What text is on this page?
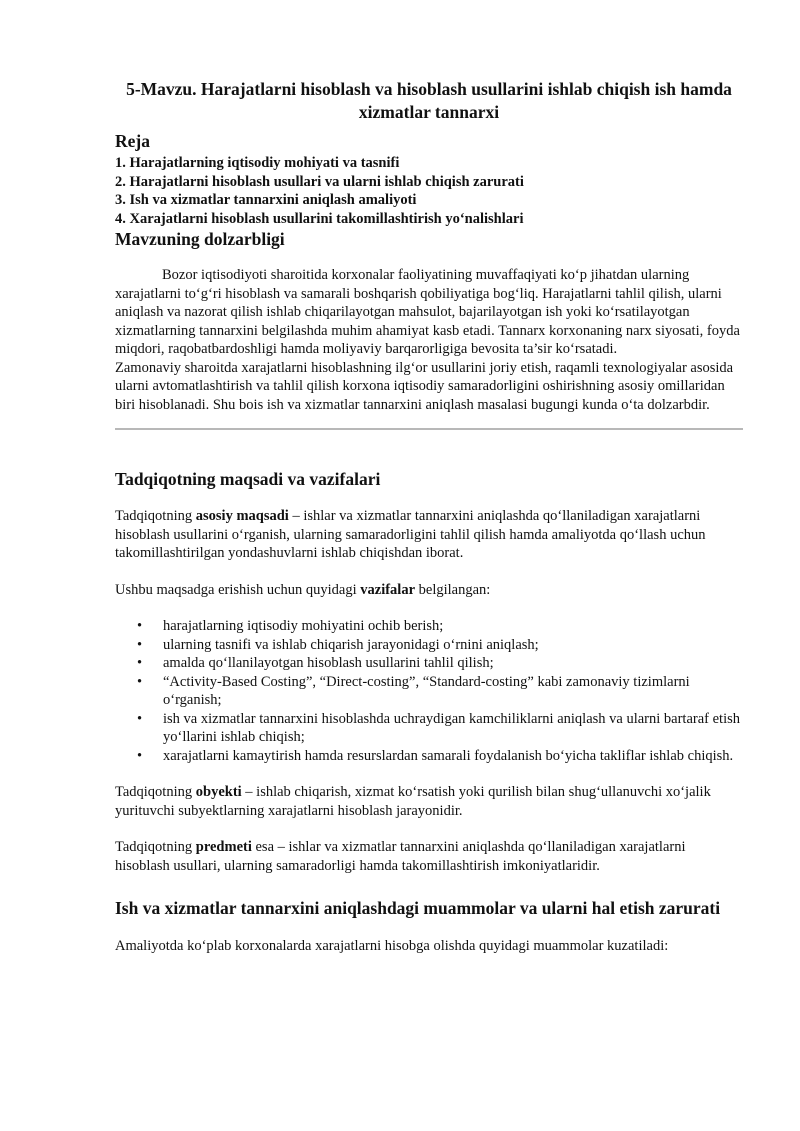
5-Mavzu. Harajatlarni hisoblash va hisoblash usullarini ishlab chiqish ish hamda xizmatlar tannarxi
Reja
1. Harajatlarning iqtisodiy mohiyati va tasnifi
2. Harajatlarni hisoblash usullari va ularni ishlab chiqish zarurati
3. Ish va xizmatlar tannarxini aniqlash amaliyoti
4. Xarajatlarni hisoblash usullarini takomillashtirish yo‘nalishlari
Mavzuning dolzarbligi

Bozor iqtisodiyoti sharoitida korxonalar faoliyatining muvaffaqiyati ko‘p jihatdan ularning xarajatlarni to‘g‘ri hisoblash va samarali boshqarish qobiliyatiga bog‘liq. Harajatlarni tahlil qilish, ularni aniqlash va nazorat qilish ishlab chiqarilayotgan mahsulot, bajarilayotgan ish yoki ko‘rsatilayotgan xizmatlarning tannarxini belgilashda muhim ahamiyat kasb etadi. Tannarx korxonaning narx siyosati, foyda miqdori, raqobatbardoshligi hamda moliyaviy barqarorligiga bevosita ta’sir ko‘rsatadi.

Zamonaviy sharoitda xarajatlarni hisoblashning ilg‘or usullarini joriy etish, raqamli texnologiyalar asosida ularni avtomatlashtirish va tahlil qilish korxona iqtisodiy samaradorligini oshirishning asosiy omillaridan biri hisoblanadi. Shu bois ish va xizmatlar tannarxini aniqlash masalasi bugungi kunda o‘ta dolzarbdir.

Tadqiqotning maqsadi va vazifalari

Tadqiqotning asosiy maqsadi – ishlar va xizmatlar tannarxini aniqlashda qo‘llaniladigan xarajatlarni hisoblash usullarini o‘rganish, ularning samaradorligini tahlil qilish hamda amaliyotda qo‘llash uchun takomillashtirilgan yondashuvlarni ishlab chiqishdan iborat.

Ushbu maqsadga erishish uchun quyidagi vazifalar belgilangan:

• harajatlarning iqtisodiy mohiyatini ochib berish;
• ularning tasnifi va ishlab chiqarish jarayonidagi o‘rnini aniqlash;
• amalda qo‘llanilayotgan hisoblash usullarini tahlil qilish;
• “Activity-Based Costing”, “Direct-costing”, “Standard-costing” kabi zamonaviy tizimlarni o‘rganish;
• ish va xizmatlar tannarxini hisoblashda uchraydigan kamchiliklarni aniqlash va ularni bartaraf etish yo‘llarini ishlab chiqish;
• xarajatlarni kamaytirish hamda resurslardan samarali foydalanish bo‘yicha takliflar ishlab chiqish.

Tadqiqotning obyekti – ishlab chiqarish, xizmat ko‘rsatish yoki qurilish bilan shug‘ullanuvchi xo‘jalik yurituvchi subyektlarning xarajatlarni hisoblash jarayonidir.

Tadqiqotning predmeti esa – ishlar va xizmatlar tannarxini aniqlashda qo‘llaniladigan xarajatlarni hisoblash usullari, ularning samaradorligi hamda takomillashtirish imkoniyatlaridir.

Ish va xizmatlar tannarxini aniqlashdagi muammolar va ularni hal etish zarurati

Amaliyotda ko‘plab korxonalarda xarajatlarni hisobga olishda quyidagi muammolar kuzatiladi:
